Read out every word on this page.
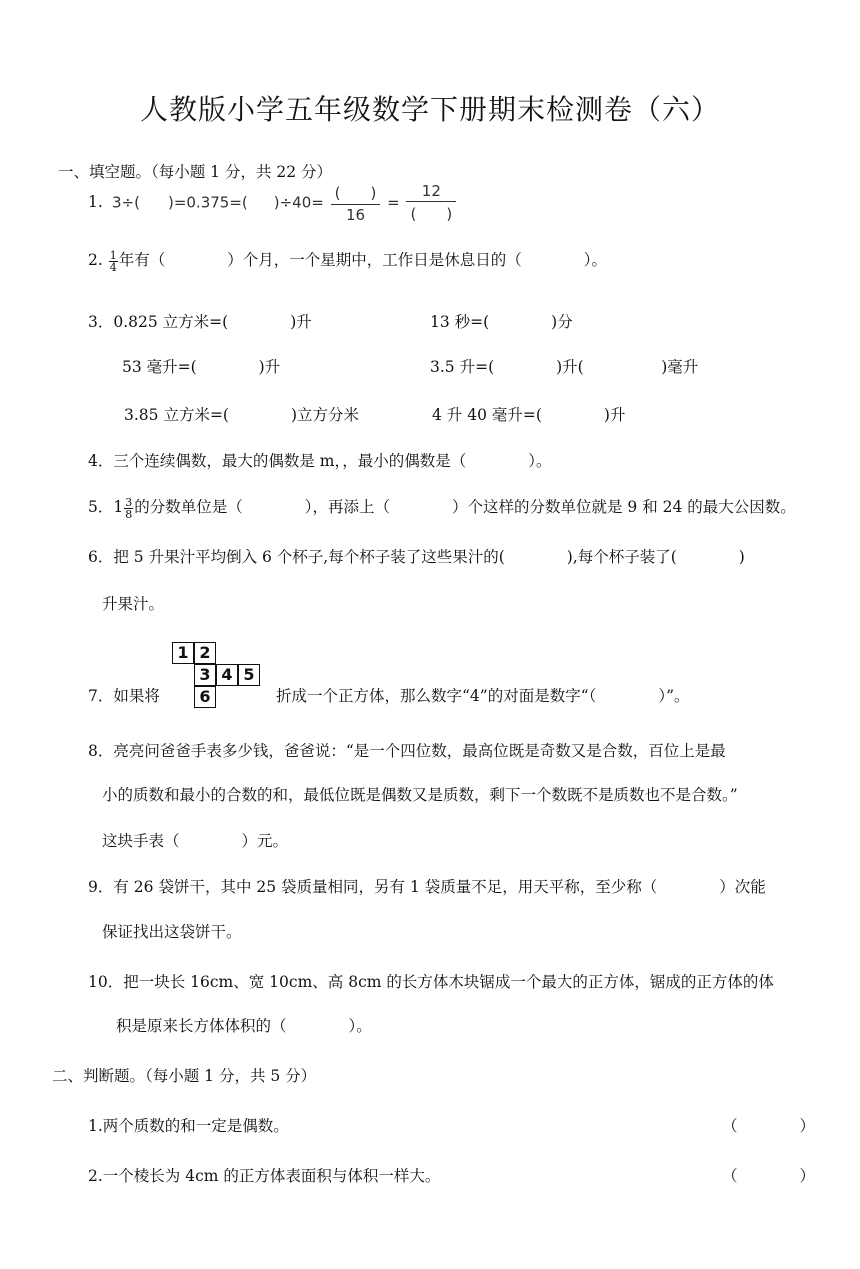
人教版小学五年级数学下册期末检测卷（六）
一、填空题。（每小题 1 分，共 22 分）
1. 3÷( )=0.375=( )÷40=
(　　)
16
=
12
(　　)
2. $\frac{1}{4}$ 年有（　　　　）个月，一个星期中，工作日是休息日的（　　　　）。
3．0.825 立方米=(　　　　)升	13 秒=(　　　　)分
53 毫升=(　　　　)升	3.5 升=(　　　　)升(　　　　　)毫升
3.85 立方米=(　　　　)立方分米	4 升 40 毫升=(　　　　)升
4．三个连续偶数，最大的偶数是 m，，最小的偶数是（　　　　）。
5．$1 \frac{3}{8}$ 的分数单位是（　　　　），再添上（　　　　）个这样的分数单位就是 9 和 24 的最大公因数。
6．把 5 升果汁平均倒入 6 个杯子,每个杯子装了这些果汁的(　　　　),每个杯子装了(　　　　)
升果汁。
7．如果将
1 2
3 4 5
6	折成一个正方体，那么数字“4”的对面是数字“（　　　　）”。
8．亮亮问爸爸手表多少钱，爸爸说：“是一个四位数，最高位既是奇数又是合数，百位上是最
小的质数和最小的合数的和，最低位既是偶数又是质数，剩下一个数既不是质数也不是合数。”
这块手表（　　　　）元。
9．有 26 袋饼干，其中 25 袋质量相同，另有 1 袋质量不足，用天平称，至少称（　　　　）次能
保证找出这袋饼干。
10．把一块长 16cm、宽 10cm、高 8cm 的长方体木块锯成一个最大的正方体，锯成的正方体的体
积是原来长方体体积的（　　　　）。
二、判断题。（每小题 1 分，共 5 分）
1.两个质数的和一定是偶数。	（　　　　）
2.一个棱长为 4cm 的正方体表面积与体积一样大。	（　　　　）
